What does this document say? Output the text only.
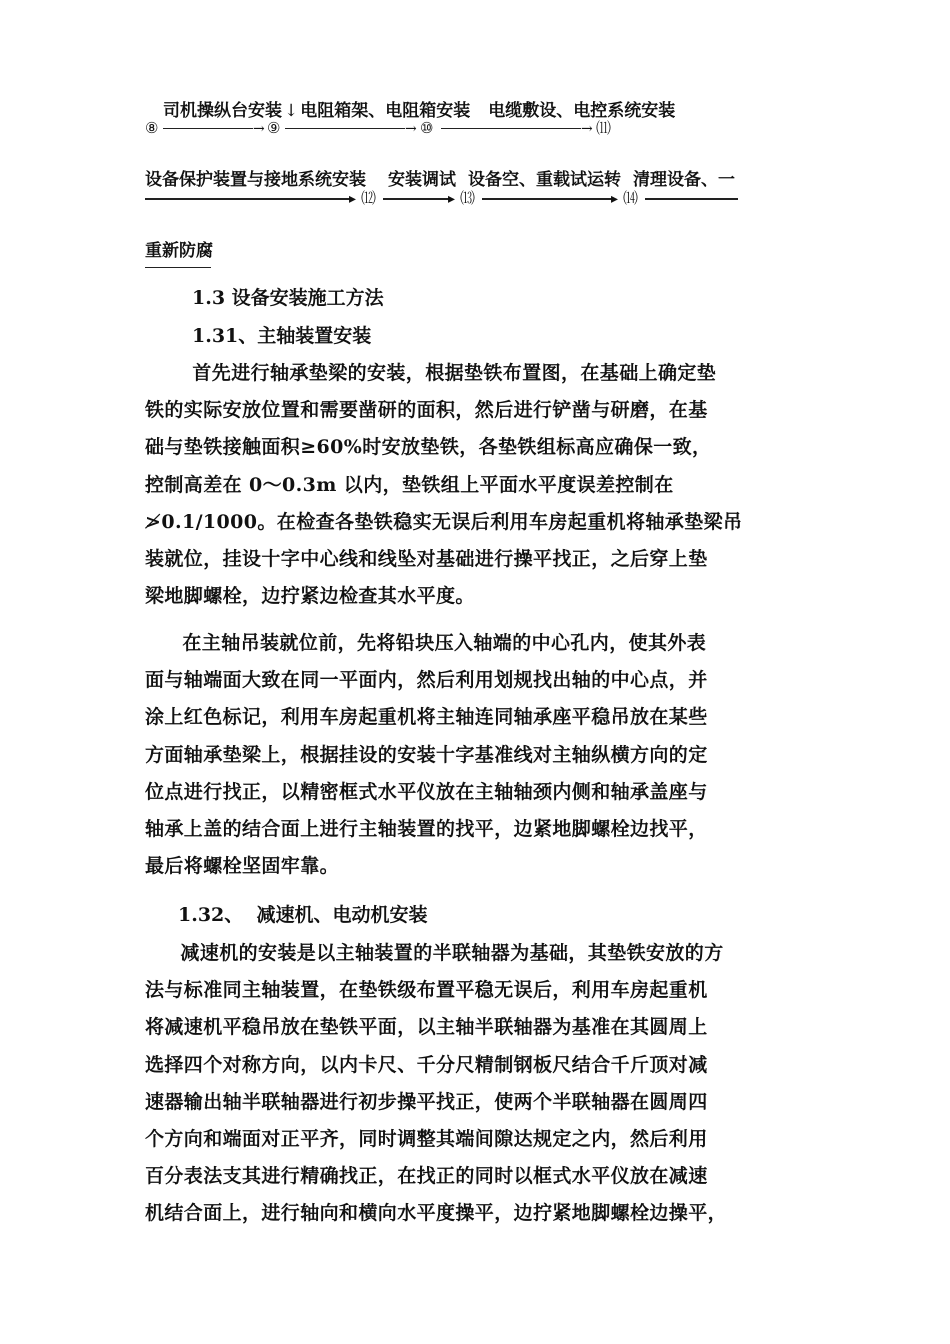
司机操纵台安装 ↓ 电阻箱架、电阻箱安装 电缆敷设、电控系统安装
⑧	→ ⑨	→ ⑩	→ ⑾
设备保护装置与接地系统安装 安装调试 设备空、重载试运转 清理设备、一
▸ ⑿	▸ ⒀	▸ ⒁
重新防腐
1.3 设备安装施工方法
1.31、主轴装置安装
　首先进行轴承垫梁的安装，根据垫铁布置图，在基础上确定垫
铁的实际安放位置和需要凿研的面积，然后进行铲凿与研磨，在基
础与垫铁接触面积≥60%时安放垫铁，各垫铁组标高应确保一致，
控制高差在 0～0.3m 以内，垫铁组上平面水平度误差控制在
≯0.1/1000。在检查各垫铁稳实无误后利用车房起重机将轴承垫梁吊
装就位，挂设十字中心线和线坠对基础进行操平找正，之后穿上垫
梁地脚螺栓，边拧紧边检查其水平度。
　在主轴吊装就位前，先将铅块压入轴端的中心孔内，使其外表
面与轴端面大致在同一平面内，然后利用划规找出轴的中心点，并
涂上红色标记，利用车房起重机将主轴连同轴承座平稳吊放在某些
方面轴承垫梁上，根据挂设的安装十字基准线对主轴纵横方向的定
位点进行找正，以精密框式水平仪放在主轴轴颈内侧和轴承盖座与
轴承上盖的结合面上进行主轴装置的找平，边紧地脚螺栓边找平，
最后将螺栓坚固牢靠。
1.32、  减速机、电动机安装
　减速机的安装是以主轴装置的半联轴器为基础，其垫铁安放的方
法与标准同主轴装置，在垫铁级布置平稳无误后，利用车房起重机
将减速机平稳吊放在垫铁平面，以主轴半联轴器为基准在其圆周上
选择四个对称方向，以内卡尺、千分尺精制钢板尺结合千斤顶对减
速器输出轴半联轴器进行初步操平找正，使两个半联轴器在圆周四
个方向和端面对正平齐，同时调整其端间隙达规定之内，然后利用
百分表法支其进行精确找正，在找正的同时以框式水平仪放在减速
机结合面上，进行轴向和横向水平度操平，边拧紧地脚螺栓边操平，
